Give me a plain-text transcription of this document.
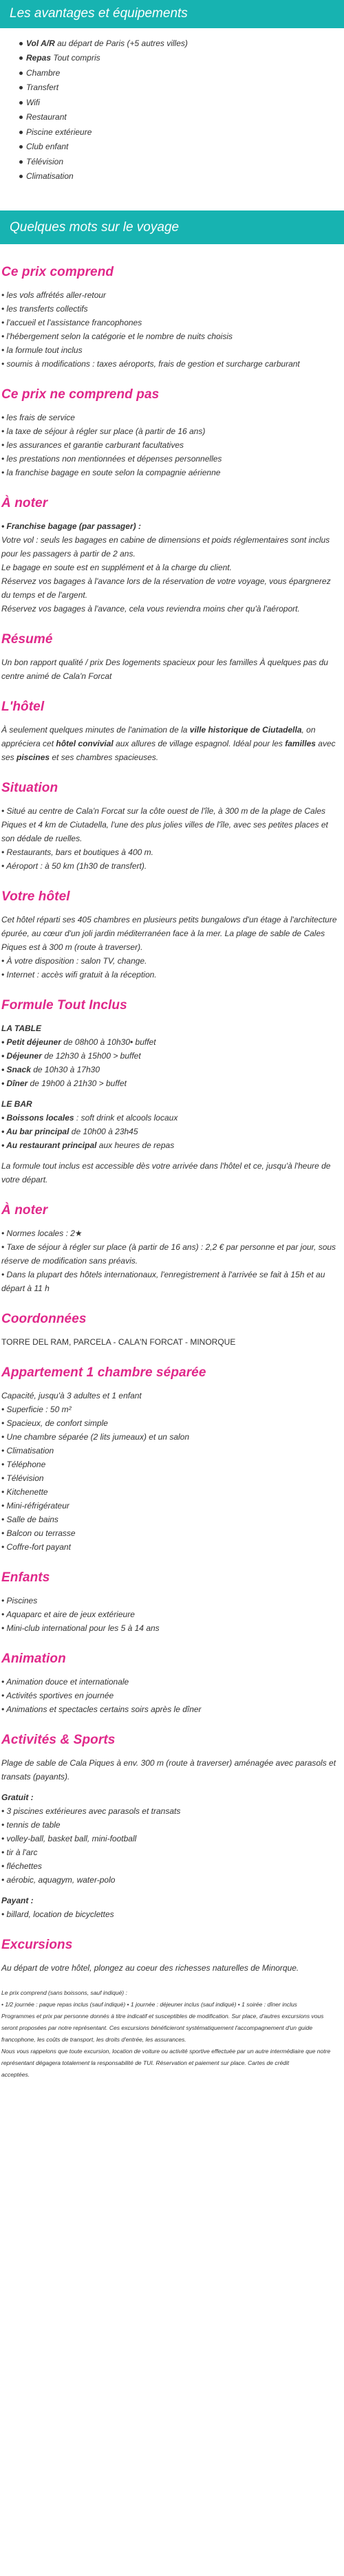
Les avantages et équipements
Vol A/R au départ de Paris (+5 autres villes)
Repas Tout compris
Chambre
Transfert
Wifi
Restaurant
Piscine extérieure
Club enfant
Télévision
Climatisation
Quelques mots sur le voyage
Ce prix comprend

• les vols affrétés aller-retour

• les transferts collectifs

• l'accueil et l'assistance francophones

• l'hébergement selon la catégorie et le nombre de nuits choisis

• la formule tout inclus

• soumis à modifications : taxes aéroports, frais de gestion et surcharge carburant

Ce prix ne comprend pas

• les frais de service

• la taxe de séjour à régler sur place (à partir de 16 ans)

• les assurances et garantie carburant facultatives

• les prestations non mentionnées et dépenses personnelles

• la franchise bagage en soute selon la compagnie aérienne

À noter

• Franchise bagage (par passager) :

Votre vol : seuls les bagages en cabine de dimensions et poids réglementaires sont inclus pour les passagers à partir de 2 ans.

Le bagage en soute est en supplément et à la charge du client.

Réservez vos bagages à l'avance lors de la réservation de votre voyage, vous épargnerez du temps et de l'argent.

Réservez vos bagages à l'avance, cela vous reviendra moins cher qu'à l'aéroport.

Résumé

Un bon rapport qualité / prix Des logements spacieux pour les familles À quelques pas du centre animé de Cala'n Forcat

L'hôtel

À seulement quelques minutes de l'animation de la ville historique de Ciutadella, on appréciera cet hôtel convivial aux allures de village espagnol. Idéal pour les familles avec ses piscines et ses chambres spacieuses.

Situation

• Situé au centre de Cala'n Forcat sur la côte ouest de l'île, à 300 m de la plage de Cales Piques et 4 km de Ciutadella, l'une des plus jolies villes de l'île, avec ses petites places et son dédale de ruelles.

• Restaurants, bars et boutiques à 400 m.

• Aéroport : à 50 km (1h30 de transfert).

Votre hôtel

Cet hôtel réparti ses 405 chambres en plusieurs petits bungalows d'un étage à l'architecture épurée, au cœur d'un joli jardin méditerranéen face à la mer. La plage de sable de Cales Piques est à 300 m (route à traverser).

• À votre disposition : salon TV, change.

• Internet : accès wifi gratuit à la réception.

Formule Tout Inclus

LA TABLE

• Petit déjeuner de 08h00 à 10h30• buffet

• Déjeuner de 12h30 à 15h00 > buffet

• Snack de 10h30 à 17h30

• Dîner de 19h00 à 21h30 > buffet

LE BAR

• Boissons locales : soft drink et alcools locaux

• Au bar principal de 10h00 à 23h45

• Au restaurant principal aux heures de repas

La formule tout inclus est accessible dès votre arrivée dans l'hôtel et ce, jusqu'à l'heure de votre départ.

À noter

• Normes locales : 2★

• Taxe de séjour à régler sur place (à partir de 16 ans) : 2,2 € par personne et par jour, sous réserve de modification sans préavis.

• Dans la plupart des hôtels internationaux, l'enregistrement à l'arrivée se fait à 15h et au départ à 11 h

Coordonnées

TORRE DEL RAM, PARCELA - CALA'N FORCAT - MINORQUE

Appartement 1 chambre séparée

Capacité, jusqu'à 3 adultes et 1 enfant

• Superficie : 50 m²

• Spacieux, de confort simple

• Une chambre séparée (2 lits jumeaux) et un salon

• Climatisation

• Téléphone

• Télévision

• Kitchenette

• Mini-réfrigérateur

• Salle de bains

• Balcon ou terrasse

• Coffre-fort payant

Enfants

• Piscines

• Aquaparc et aire de jeux extérieure

• Mini-club international pour les 5 à 14 ans

Animation

• Animation douce et internationale

• Activités sportives en journée

• Animations et spectacles certains soirs après le dîner

Activités & Sports

Plage de sable de Cala Piques à env. 300 m (route à traverser) aménagée avec parasols et transats (payants).

Gratuit :

• 3 piscines extérieures avec parasols et transats

• tennis de table

• volley-ball, basket ball, mini-football

• tir à l'arc

• fléchettes

• aérobic, aquagym, water-polo

Payant :

• billard, location de bicyclettes

Excursions

Au départ de votre hôtel, plongez au coeur des richesses naturelles de Minorque.

Le prix comprend (sans boissons, sauf indiqué) :

• 1/2 journée : paque repas inclus (sauf indiqué) • 1 journée : déjeuner inclus (sauf indiqué) • 1 soirée : dîner inclus

Programmes et prix par personne donnés à titre indicatif et susceptibles de modification. Sur place, d'autres excursions vous seront proposées par notre représentant. Ces excursions bénéficieront systématiquement l'accompagnement d'un guide

francophone, les coûts de transport, les droits d'entrée, les assurances.

Nous vous rappelons que toute excursion, location de voiture ou activité sportive effectuée par un autre intermédiaire que notre représentant dégagera totalement la responsabilité de TUI. Réservation et paiement sur place. Cartes de crédit

acceptées.
